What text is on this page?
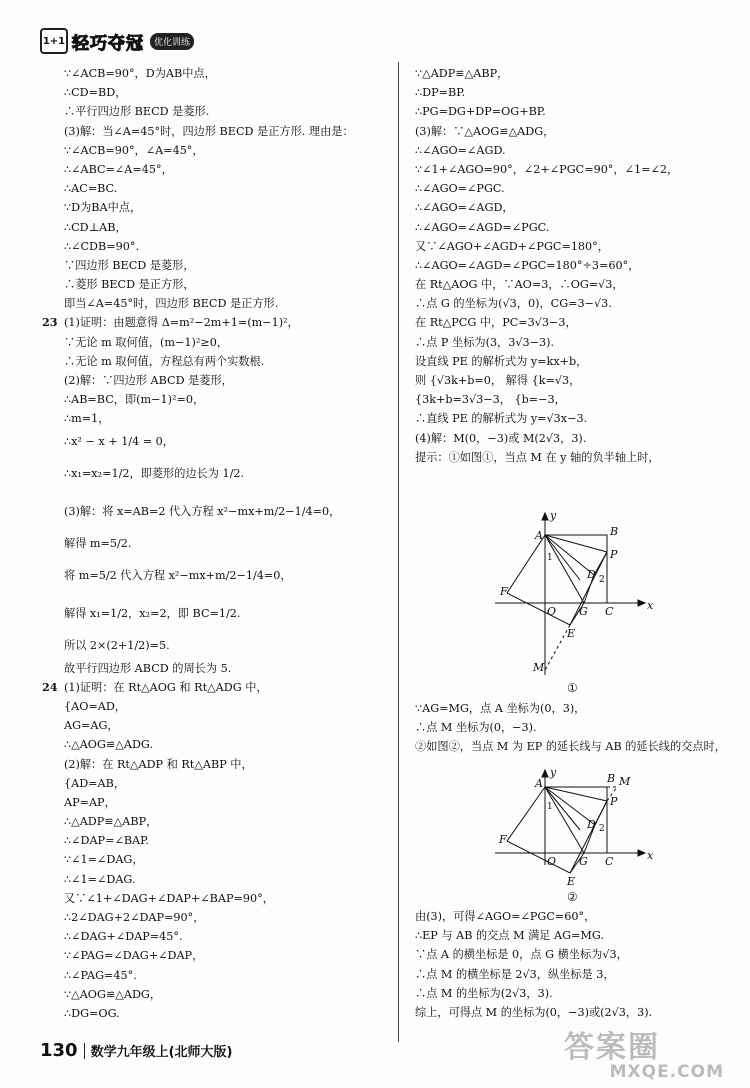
1+1 轻巧夺冠	优化训练
∵∠ACB=90°，D为AB中点，
∴CD=BD，
∴平行四边形 BECD 是菱形.
(3)解：当∠A=45°时，四边形 BECD 是正方形. 理由是：
∵∠ACB=90°，∠A=45°，
∴∠ABC=∠A=45°，
∴AC=BC.
∵D为BA中点，
∴CD⊥AB，
∴∠CDB=90°.
∵四边形 BECD 是菱形，
∴菱形 BECD 是正方形，
即当∠A=45°时，四边形 BECD 是正方形.
23 (1)证明：由题意得 Δ=m²−2m+1=(m−1)²，
∵无论 m 取何值，(m−1)²≥0，
∴无论 m 取何值，方程总有两个实数根.
(2)解：∵四边形 ABCD 是菱形，
∴AB=BC，即(m−1)²=0，
∴m=1，
∴x² − x + 1/4 = 0，
∴x₁=x₂=1/2，即菱形的边长为 1/2.
(3)解：将 x=AB=2 代入方程 x²−mx+m/2−1/4=0，
解得 m=5/2.
将 m=5/2 代入方程 x²−mx+m/2−1/4=0，
解得 x₁=1/2，x₂=2，即 BC=1/2.
所以 2×(2+1/2)=5.
故平行四边形 ABCD 的周长为 5.
24 (1)证明：在 Rt△AOG 和 Rt△ADG 中，
{AO=AD，
AG=AG，
∴△AOG≌△ADG.
(2)解：在 Rt△ADP 和 Rt△ABP 中，
{AD=AB，
AP=AP，
∴△ADP≌△ABP，
∴∠DAP=∠BAP.
∵∠1=∠DAG，
∴∠1=∠DAG.
又∵∠1+∠DAG+∠DAP+∠BAP=90°，
∴2∠DAG+2∠DAP=90°，
∴∠DAG+∠DAP=45°.
∵∠PAG=∠DAG+∠DAP，
∴∠PAG=45°.
∵△AOG≌△ADG，
∴DG=OG.
∵△ADP≌△ABP，
∴DP=BP.
∴PG=DG+DP=OG+BP.
(3)解：∵△AOG≌△ADG，
∴∠AGO=∠AGD.
∵∠1+∠AGO=90°，∠2+∠PGC=90°，∠1=∠2，
∴∠AGO=∠PGC.
∴∠AGO=∠AGD，
∴∠AGO=∠AGD=∠PGC.
又∵∠AGO+∠AGD+∠PGC=180°，
∴∠AGO=∠AGD=∠PGC=180°÷3=60°，
在 Rt△AOG 中，∵AO=3，∴OG=√3，
∴点 G 的坐标为(√3，0)，CG=3−√3.
在 Rt△PCG 中，PC=3√3−3，
∴点 P 坐标为(3，3√3−3).
设直线 PE 的解析式为 y=kx+b，
则 {√3k+b=0， 解得 {k=√3，
{3k+b=3√3−3， {b=−3，
∴直线 PE 的解析式为 y=√3x−3.
(4)解：M(0，−3)或 M(2√3，3).
提示：①如图①，当点 M 在 y 轴的负半轴上时，
y
x
A	B
P
D
F
O G C
E
M
1
2
①
∵AG=MG，点 A 坐标为(0，3)，
∴点 M 坐标为(0，−3).
②如图②，当点 M 为 EP 的延长线与 AB 的延长线的交点时，
y
x
A	B M
P
D
F
O G C
E
1
2
②
由(3)，可得∠AGO=∠PGC=60°，
∴EP 与 AB 的交点 M 满足 AG=MG.
∵点 A 的横坐标是 0，点 G 横坐标为√3，
∴点 M 的横坐标是 2√3，纵坐标是 3，
∴点 M 的坐标为(2√3，3).
综上，可得点 M 的坐标为(0，−3)或(2√3，3).
130 数学九年级上(北师大版)	答案圈
MXQE.COM
